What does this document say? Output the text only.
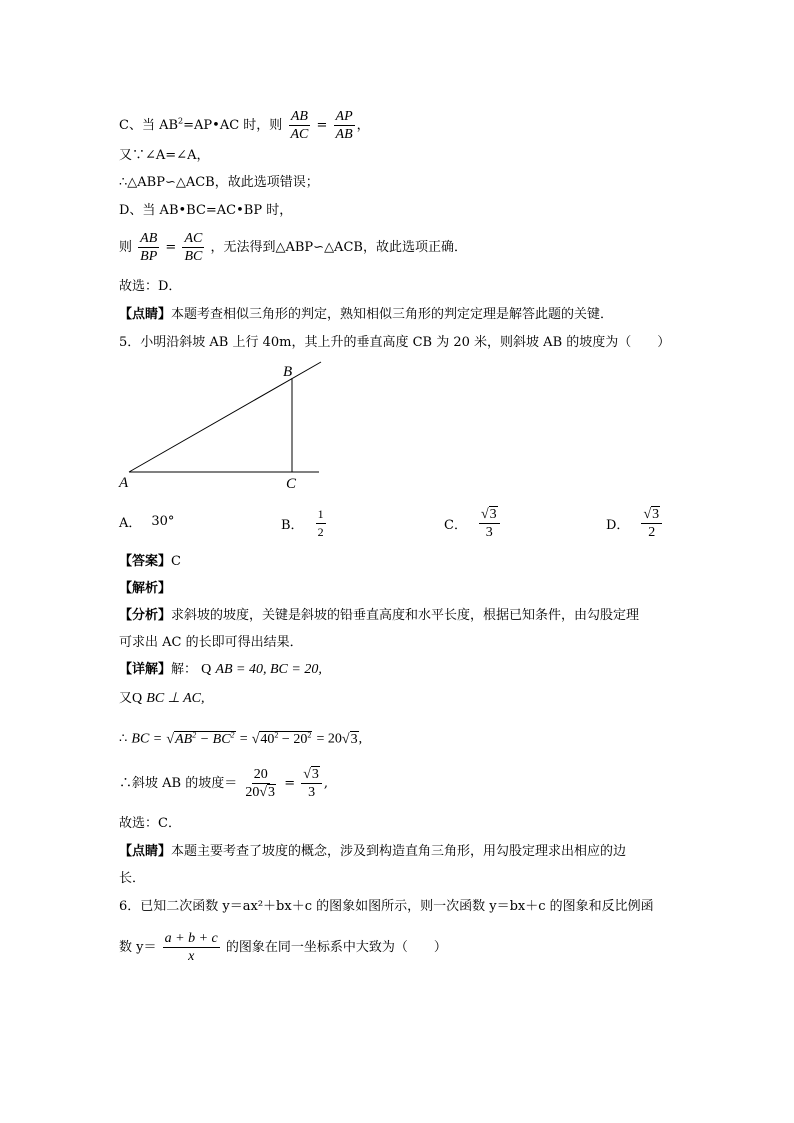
C、当 $AB^2=AP•AC$ 时，则 $\frac{AB}{AC} = \frac{AP}{AB}$ ，
又∵∠A=∠A，
∴△ABP∽△ACB，故此选项错误；
D、当 AB•BC=AC•BP 时，
则 $\frac{AB}{BP} = \frac{AC}{BC}$ ，无法得到△ABP∽△ACB，故此选项正确．
故选：D．
【点睛】本题考查相似三角形的判定，熟知相似三角形的判定定理是解答此题的关键．
5．小明沿斜坡 AB 上行 40m，其上升的垂直高度 CB 为 20 米，则斜坡 AB 的坡度为（　　）
B
A	C
A． 30°	B． $\frac{1}{2}$	C． $\frac{√3}{3}$	D． $\frac{√3}{2}$
【答案】C
【解析】
【分析】求斜坡的坡度，关键是斜坡的铅垂直高度和水平长度，根据已知条件，由勾股定理
可求出 AC 的长即可得出结果．
【详解】解： Q AB = 40, BC = 20,
又Q BC ⊥ AC,
∴ BC = $√AB^2 - BC^2 = √40^2 - 20^2 = 20√3$,
∴斜坡 AB 的坡度＝ $\frac{20}{20√3} = \frac{√3}{3}$ ,
故选：C．
【点睛】本题主要考查了坡度的概念，涉及到构造直角三角形，用勾股定理求出相应的边
长．
6．已知二次函数 y＝ax²＋bx＋c 的图象如图所示，则一次函数 y＝bx＋c 的图象和反比例函
数 $y= \frac{a + b + c}{x}$ 的图象在同一坐标系中大致为（　　）
